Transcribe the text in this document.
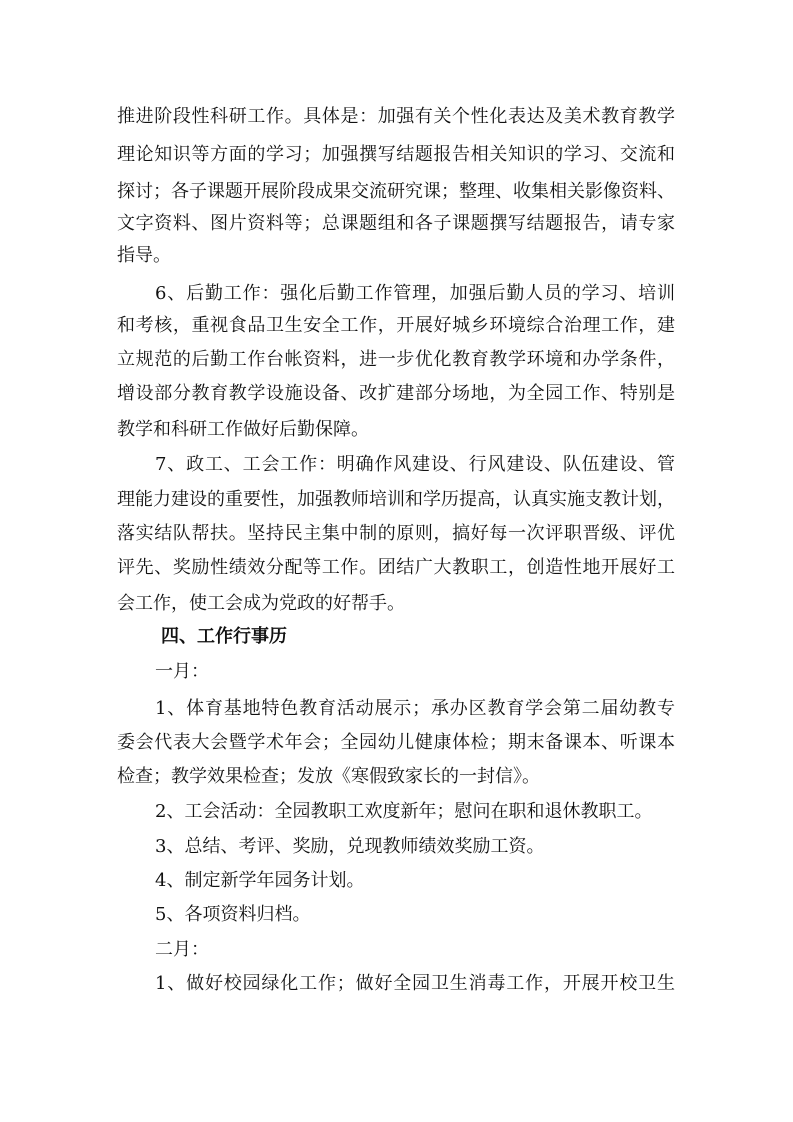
推进阶段性科研工作。具体是：加强有关个性化表达及美术教育教学
理论知识等方面的学习；加强撰写结题报告相关知识的学习、交流和
探讨；各子课题开展阶段成果交流研究课；整理、收集相关影像资料、
文字资料、图片资料等；总课题组和各子课题撰写结题报告，请专家
指导。
6、后勤工作：强化后勤工作管理，加强后勤人员的学习、培训
和考核，重视食品卫生安全工作，开展好城乡环境综合治理工作，建
立规范的后勤工作台帐资料，进一步优化教育教学环境和办学条件，
增设部分教育教学设施设备、改扩建部分场地，为全园工作、特别是
教学和科研工作做好后勤保障。
7、政工、工会工作：明确作风建设、行风建设、队伍建设、管
理能力建设的重要性，加强教师培训和学历提高，认真实施支教计划，
落实结队帮扶。坚持民主集中制的原则，搞好每一次评职晋级、评优
评先、奖励性绩效分配等工作。团结广大教职工，创造性地开展好工
会工作，使工会成为党政的好帮手。
四、工作行事历
一月：
1、体育基地特色教育活动展示；承办区教育学会第二届幼教专
委会代表大会暨学术年会；全园幼儿健康体检；期末备课本、听课本
检查；教学效果检查；发放《寒假致家长的一封信》。
2、工会活动：全园教职工欢度新年；慰问在职和退休教职工。
3、总结、考评、奖励，兑现教师绩效奖励工资。
4、制定新学年园务计划。
5、各项资料归档。
二月：
1、做好校园绿化工作；做好全园卫生消毒工作，开展开校卫生
